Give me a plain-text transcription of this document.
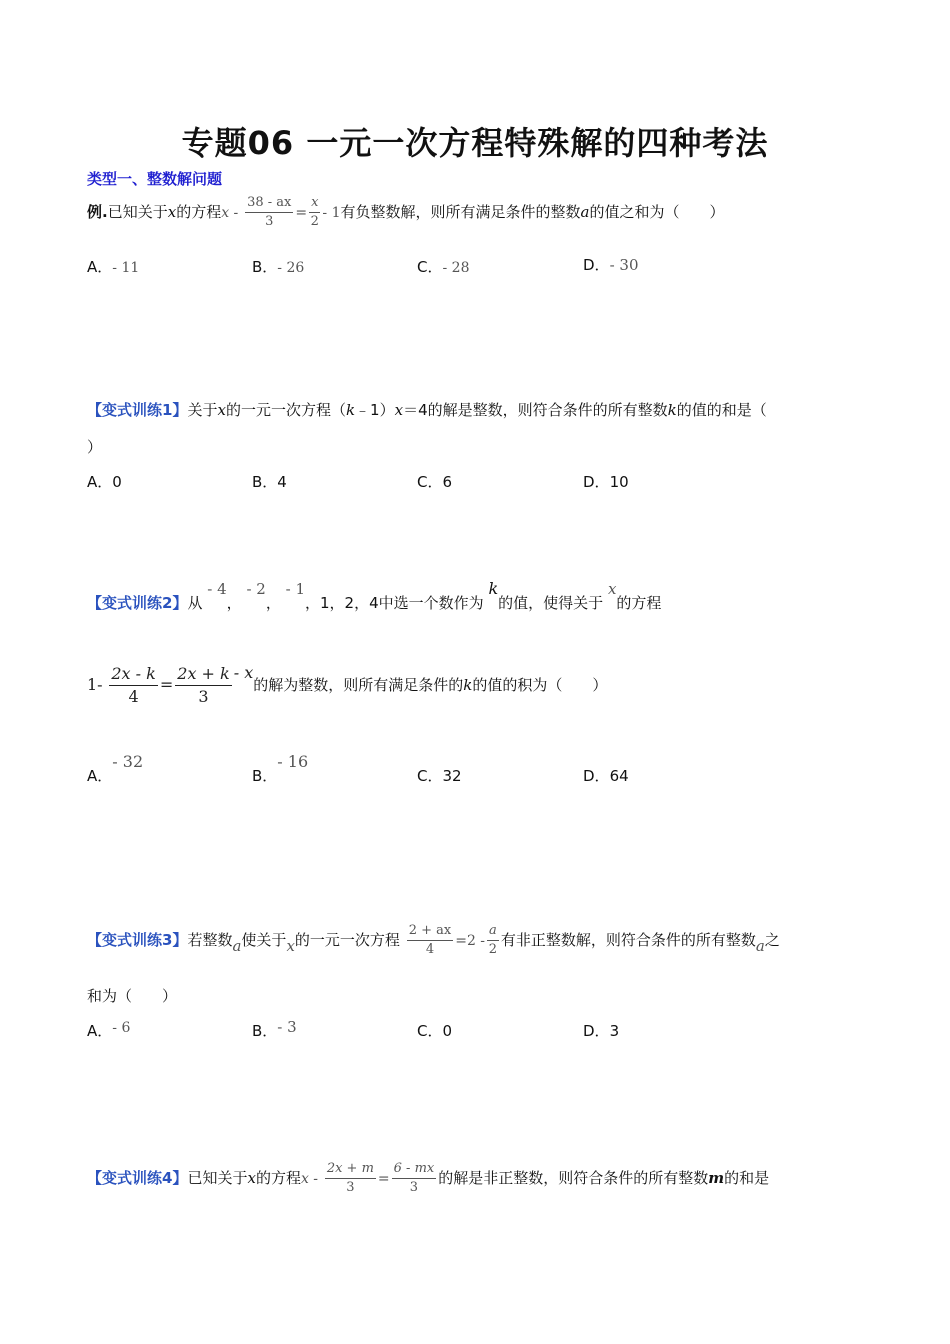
专题06 一元一次方程特殊解的四种考法
类型一、整数解问题
例.已知关于x的方程$x - \frac{38 - ax}{3} = \frac{x}{2} - 1$有负整数解，则所有满足条件的整数a的值之和为（　　）
A．- 11	B．- 26	C．- 28	D．- 30
【变式训练1】关于x的一元一次方程（k﹣1）x＝4的解是整数，则符合条件的所有整数k的值的和是（
）
A．0	B．4	C．6	D．10
【变式训练2】从 - 4， - 2， - 1，1，2，4中选一个数作为 k的值，使得关于 x的方程
$1- \frac{2x - k}{4} = \frac{2x + k}{3} - x$的解为整数，则所有满足条件的k的值的积为（　　）
A．- 32
B．- 16
C．32	D．64
【变式训练3】若整数a使关于x的一元一次方程 $\frac{2 + ax}{4} =2 - \frac{a}{2}$ 有非正整数解，则符合条件的所有整数a之
和为（　　）
A．- 6	B．- 3	C．0	D．3
【变式训练4】已知关于x的方程$x - \frac{2x + m}{3} = \frac{6 - mx}{3}$ 的解是非正整数，则符合条件的所有整数m的和是
